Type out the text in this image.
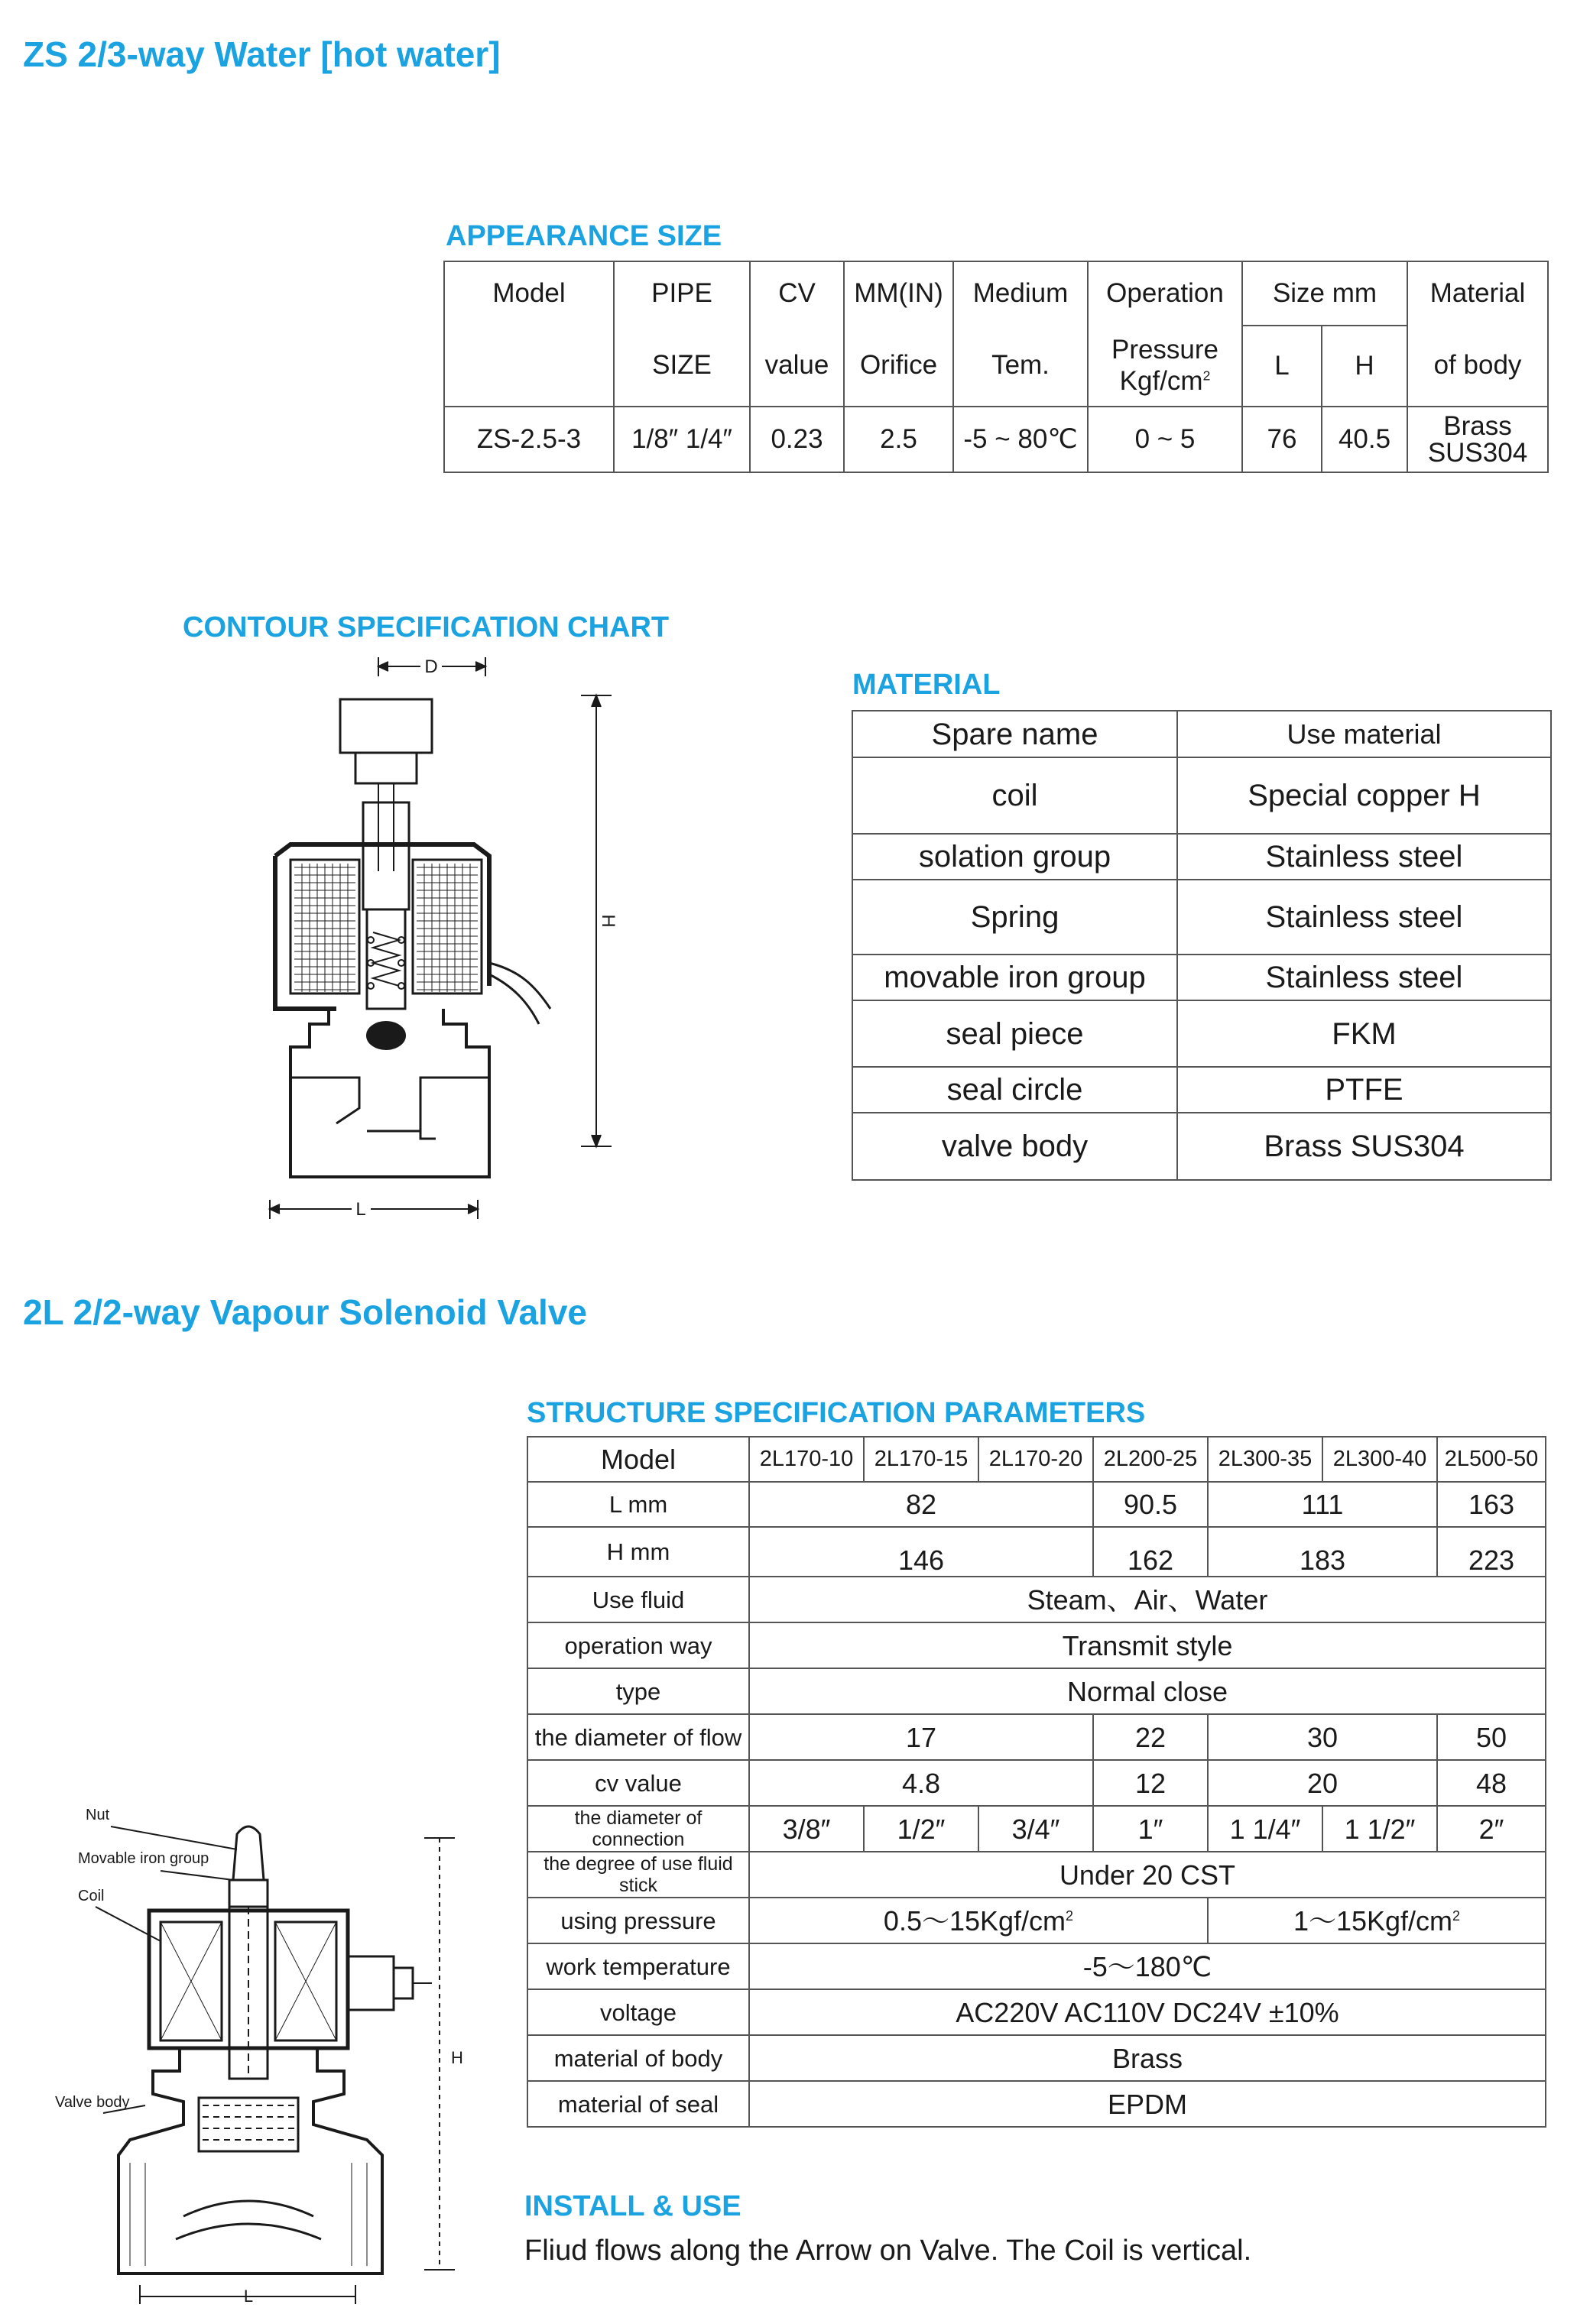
ZS 2/3-way Water [hot water]
APPEARANCE SIZE
Model	PIPE	CV	MM(IN)	Medium	Operation	Size mm		Material
	SIZE	value	Orifice	Tem.	Pressure
Kgf/$cm^2$	L	H	of body
ZS-2.5-3	1/8″ 1/4″	0.23	2.5	-5 ~ 80℃	0 ~ 5	76	40.5	Brass
SUS304
CONTOUR SPECIFICATION CHART
D
H
L
MATERIAL
Spare name	Use material
coil	Special copper H
solation group	Stainless steel
Spring	Stainless steel
movable iron group	Stainless steel
seal piece	FKM
seal circle	PTFE
valve body	Brass SUS304
2L 2/2-way Vapour Solenoid Valve
STRUCTURE SPECIFICATION PARAMETERS
Model	2L170-10	2L170-15	2L170-20	2L200-25	2L300-35	2L300-40	2L500-50
L mm	82			90.5	111		163
H mm	146			162	183		223
Use fluid	Steam、Air、Water						
operation way	Transmit style						
type	Normal close						
the diameter of flow	17			22	30		50
cv value	4.8			12	20		48
the diameter of connection	3/8″	1/2″	3/4″	1″	1 1/4″	1 1/2″	2″
the degree of use fluid stick	Under 20 CST						
using pressure	$0.5\sim 15Kgf/cm^2$				$1\sim 15Kgf/cm^2$
work temperature	-5～180℃						
voltage	AC220V AC110V DC24V ±10%						
material of body	Brass						
material of seal	EPDM						
Nut
Movable iron group
Coil
Valve body
H
L
INSTALL & USE
Fliud flows along the Arrow on Valve. The Coil is vertical.
